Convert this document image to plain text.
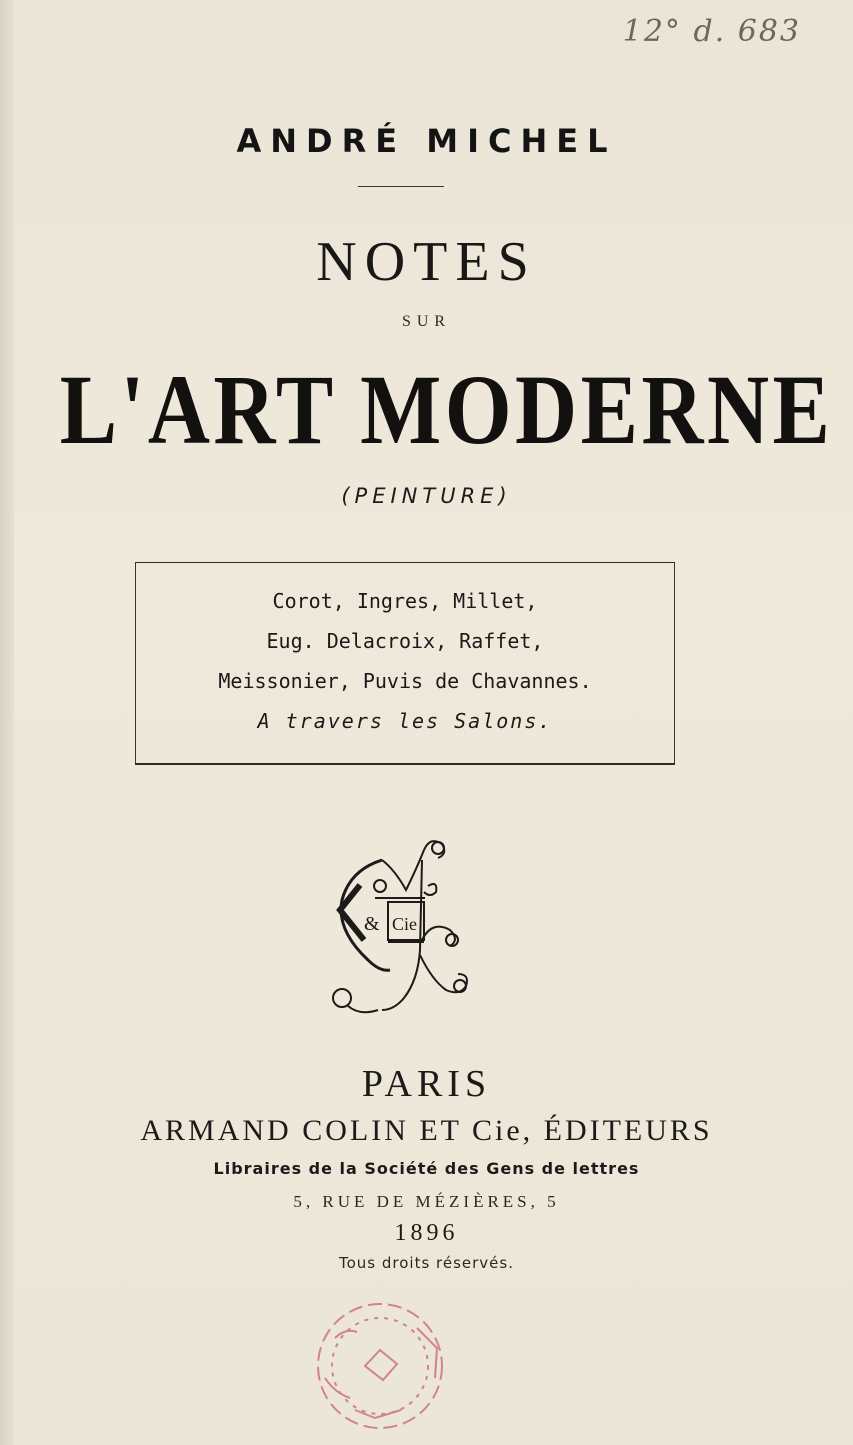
12° d. 683
ANDRÉ MICHEL
NOTES
SUR
L'ART MODERNE
(PEINTURE)
Corot, Ingres, Millet,
Eug. Delacroix, Raffet,
Meissonier, Puvis de Chavannes.
A travers les Salons.
& Cie
PARIS
ARMAND COLIN ET Cie, ÉDITEURS
Libraires de la Société des Gens de lettres
5, RUE DE MÉZIÈRES, 5
1896
Tous droits réservés.
